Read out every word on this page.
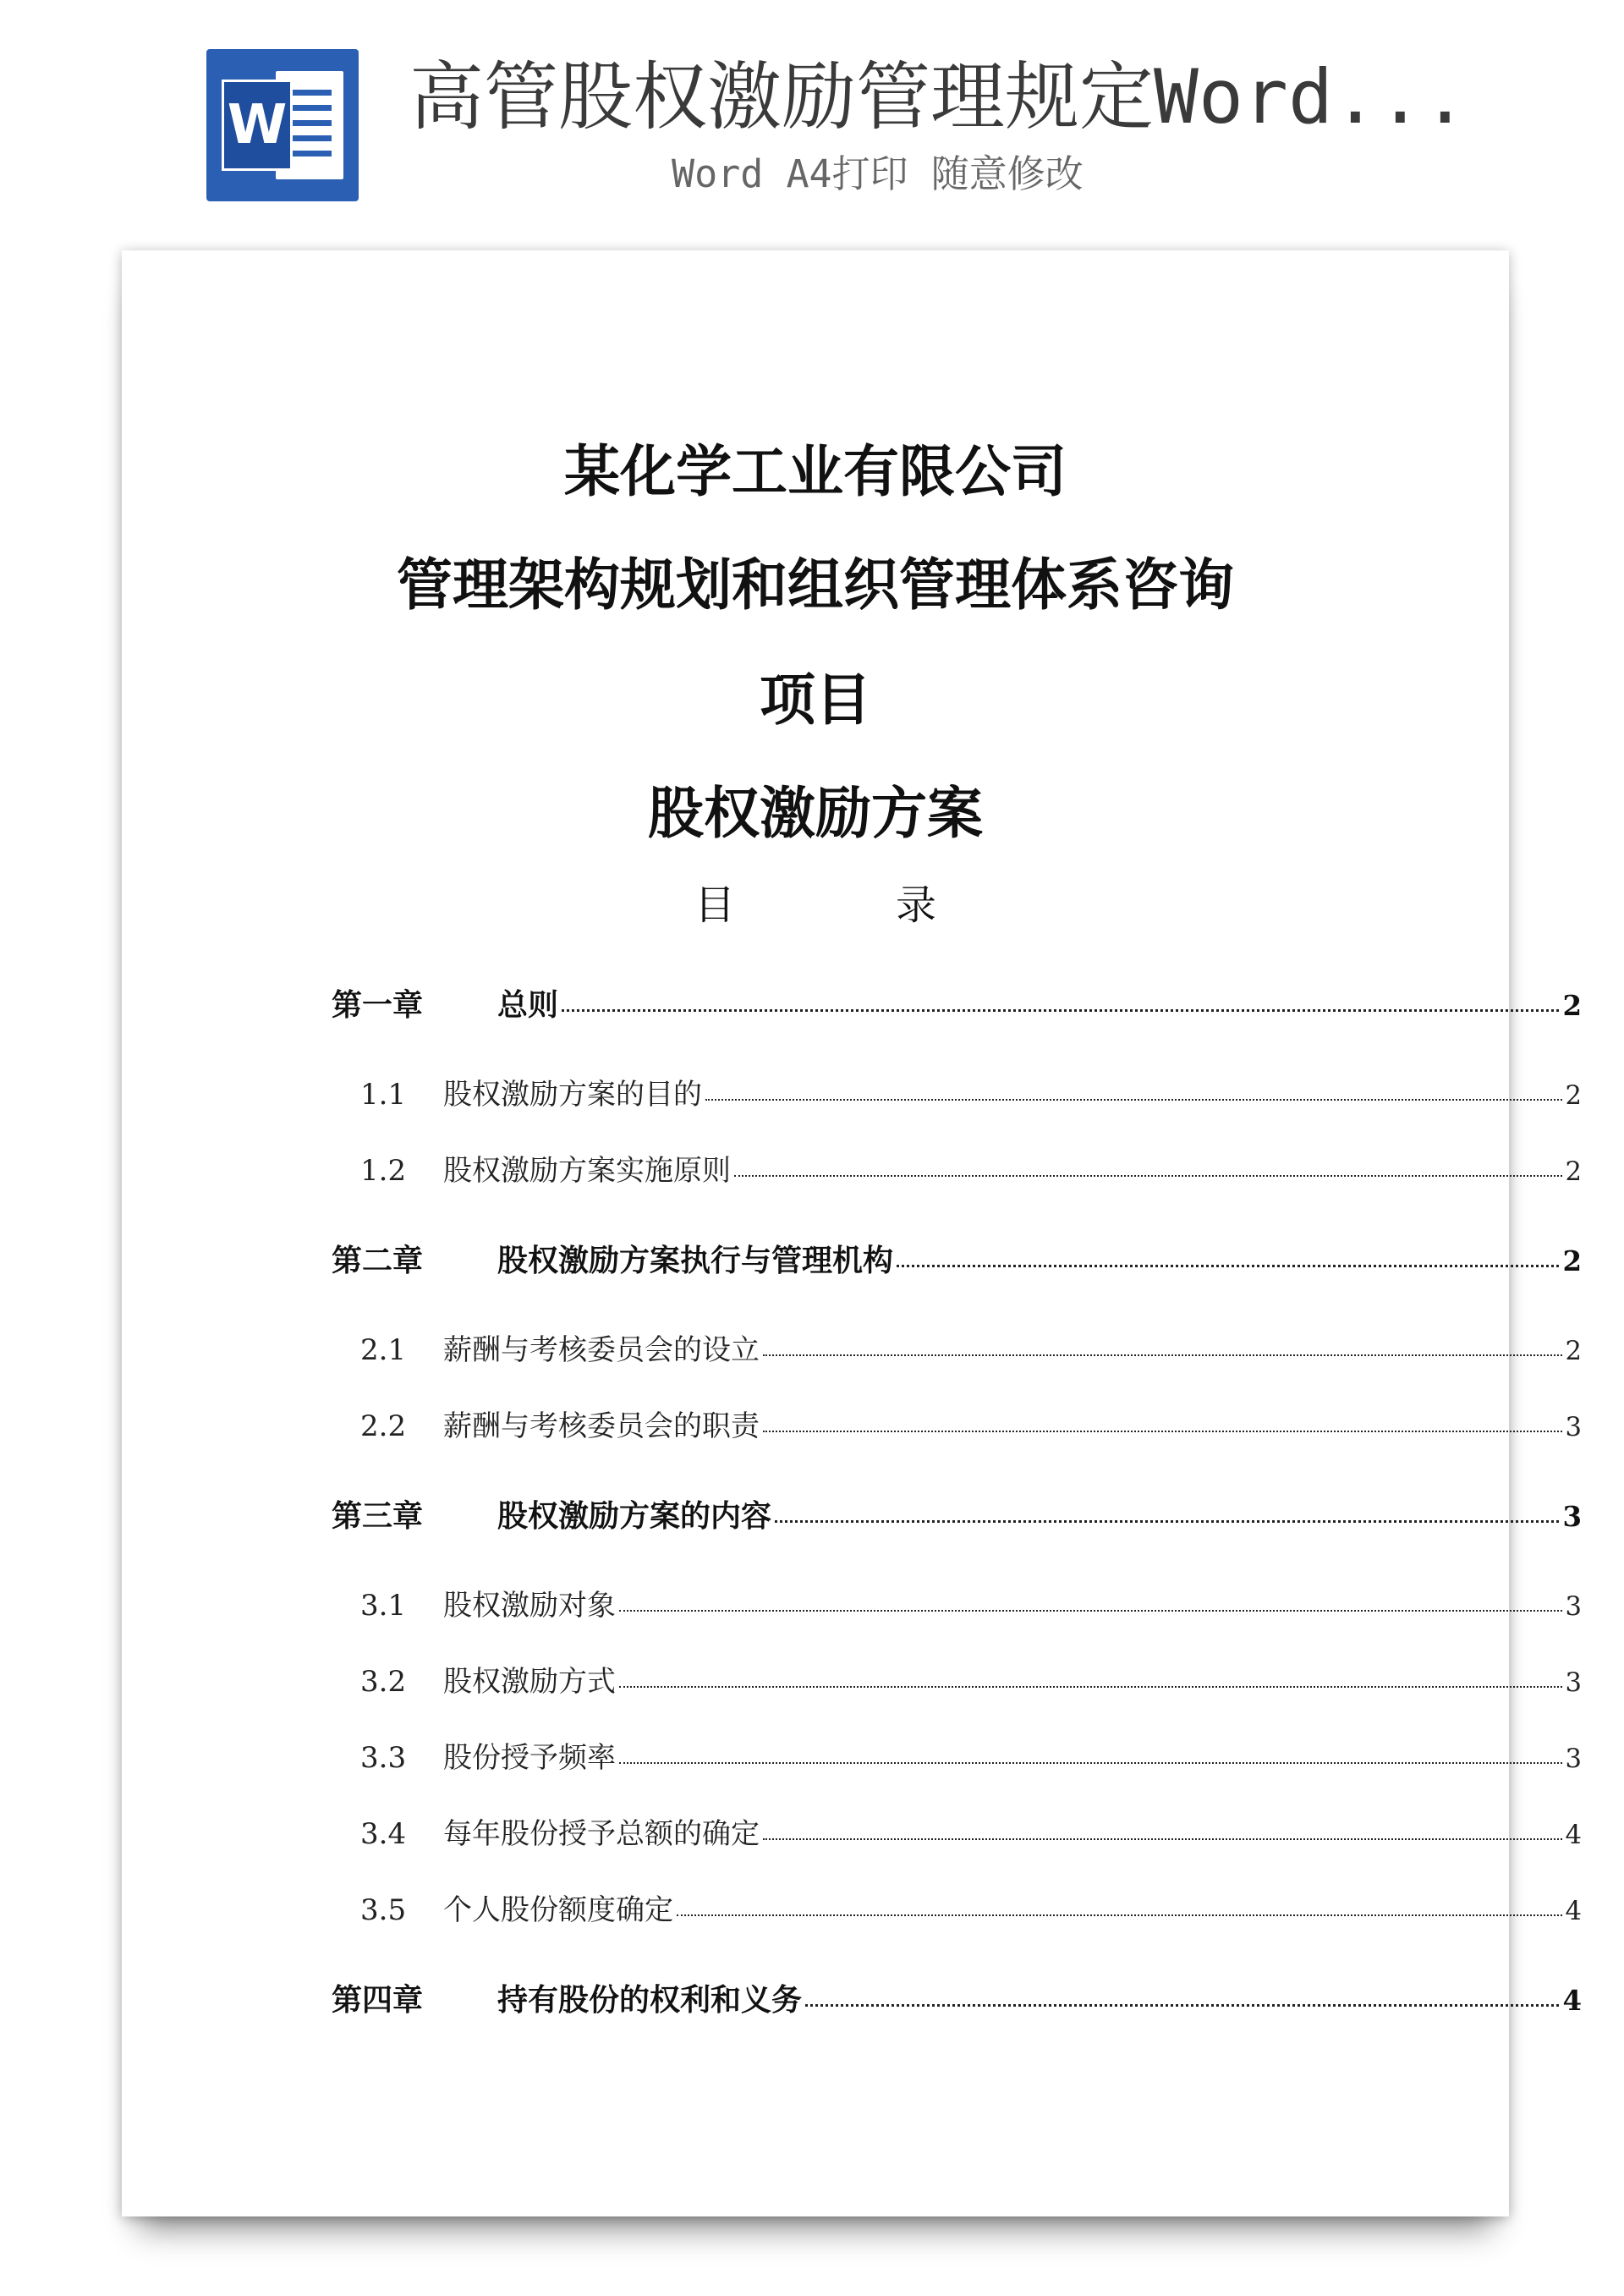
W 高管股权激励管理规定Word...
Word A4打印 随意修改
某化学工业有限公司
管理架构规划和组织管理体系咨询
项目
股权激励方案
目录
第一章	总则	2
1.1	股权激励方案的目的	2
1.2	股权激励方案实施原则	2
第二章	股权激励方案执行与管理机构	2
2.1	薪酬与考核委员会的设立	2
2.2	薪酬与考核委员会的职责	3
第三章	股权激励方案的内容	3
3.1	股权激励对象	3
3.2	股权激励方式	3
3.3	股份授予频率	3
3.4	每年股份授予总额的确定	4
3.5	个人股份额度确定	4
第四章	持有股份的权利和义务	4
